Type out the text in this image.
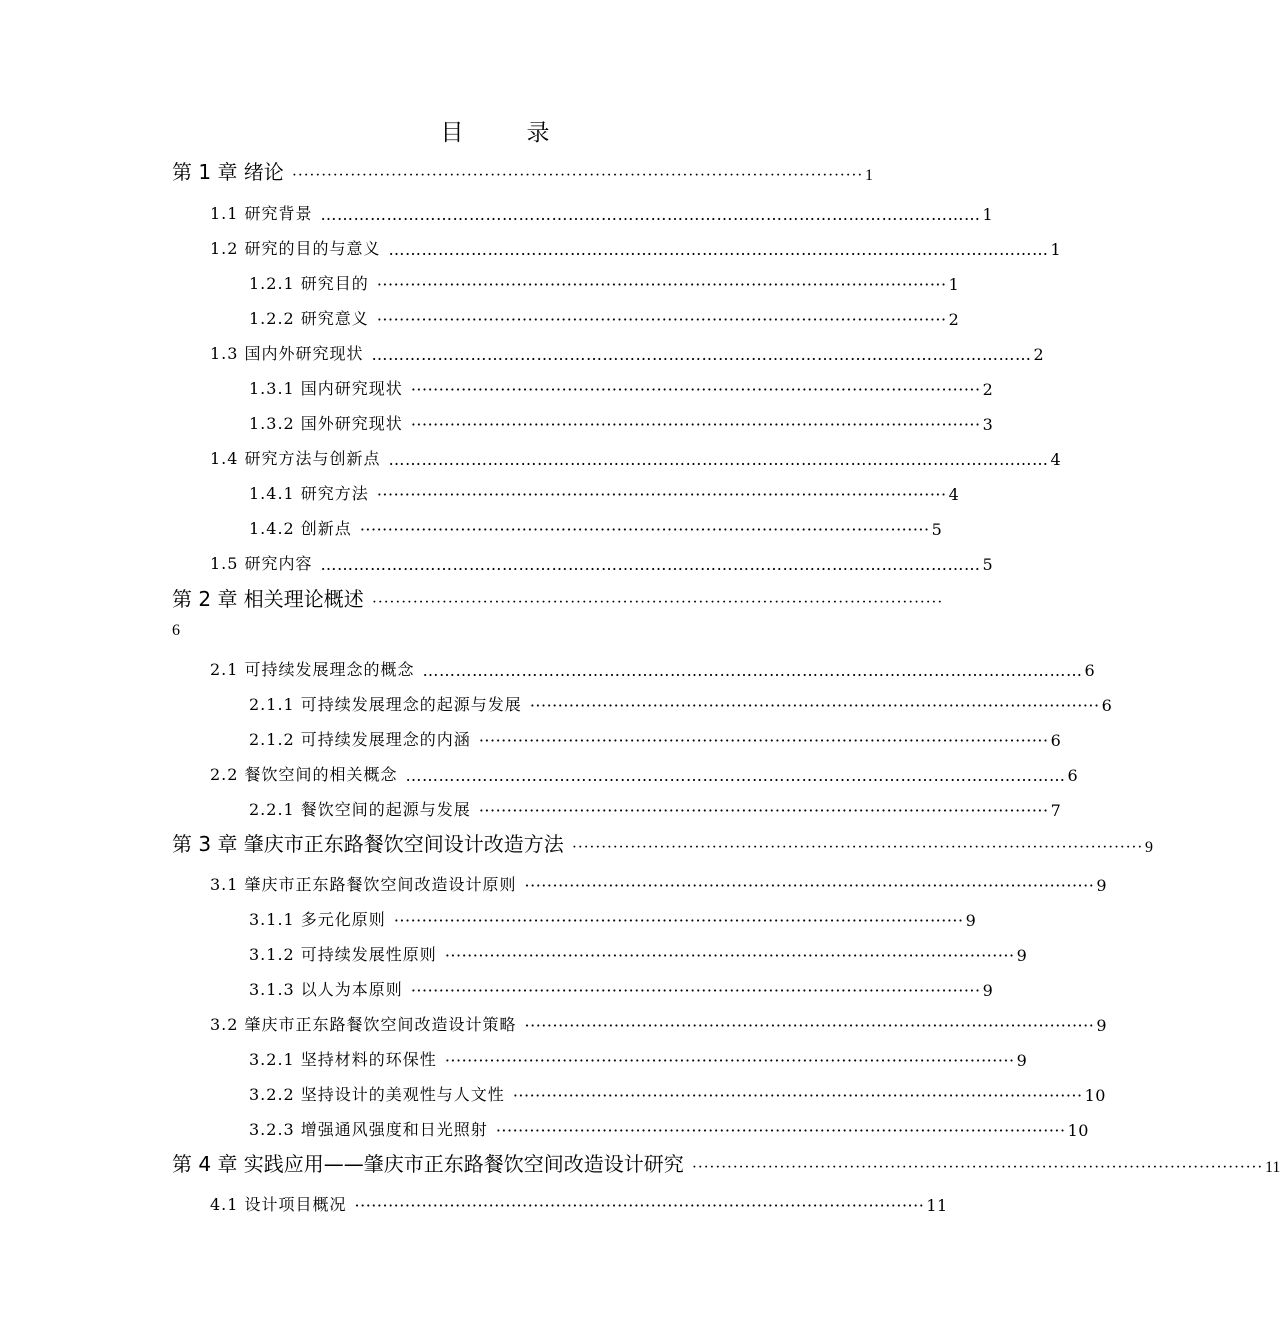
目　录
第 1 章 绪论 ·································································································· 1
1.1 研究背景 ………………………………………………………………………………………………………… 1
1.2 研究的目的与意义 ………………………………………………………………………………………………………… 1
1.2.1 研究目的 ······································································································ 1
1.2.2 研究意义 ······································································································ 2
1.3 国内外研究现状 ………………………………………………………………………………………………………… 2
1.3.1 国内研究现状 ······································································································ 2
1.3.2 国外研究现状 ······································································································ 3
1.4 研究方法与创新点 ………………………………………………………………………………………………………… 4
1.4.1 研究方法 ······································································································ 4
1.4.2 创新点 ······································································································ 5
1.5 研究内容 ………………………………………………………………………………………………………… 5
第 2 章 相关理论概述 ··································································································
6
2.1 可持续发展理念的概念 ………………………………………………………………………………………………………… 6
2.1.1 可持续发展理念的起源与发展 ······································································································ 6
2.1.2 可持续发展理念的内涵 ······································································································ 6
2.2 餐饮空间的相关概念 ………………………………………………………………………………………………………… 6
2.2.1 餐饮空间的起源与发展 ······································································································ 7
第 3 章 肇庆市正东路餐饮空间设计改造方法 ·································································································· 9
3.1 肇庆市正东路餐饮空间改造设计原则 ······································································································ 9
3.1.1 多元化原则 ······································································································ 9
3.1.2 可持续发展性原则 ······································································································ 9
3.1.3 以人为本原则 ······································································································ 9
3.2 肇庆市正东路餐饮空间改造设计策略 ······································································································ 9
3.2.1 坚持材料的环保性 ······································································································ 9
3.2.2 坚持设计的美观性与人文性 ······································································································ 10
3.2.3 增强通风强度和日光照射 ······································································································ 10
第 4 章 实践应用——肇庆市正东路餐饮空间改造设计研究 ·································································································· 11
4.1 设计项目概况 ······································································································ 11
